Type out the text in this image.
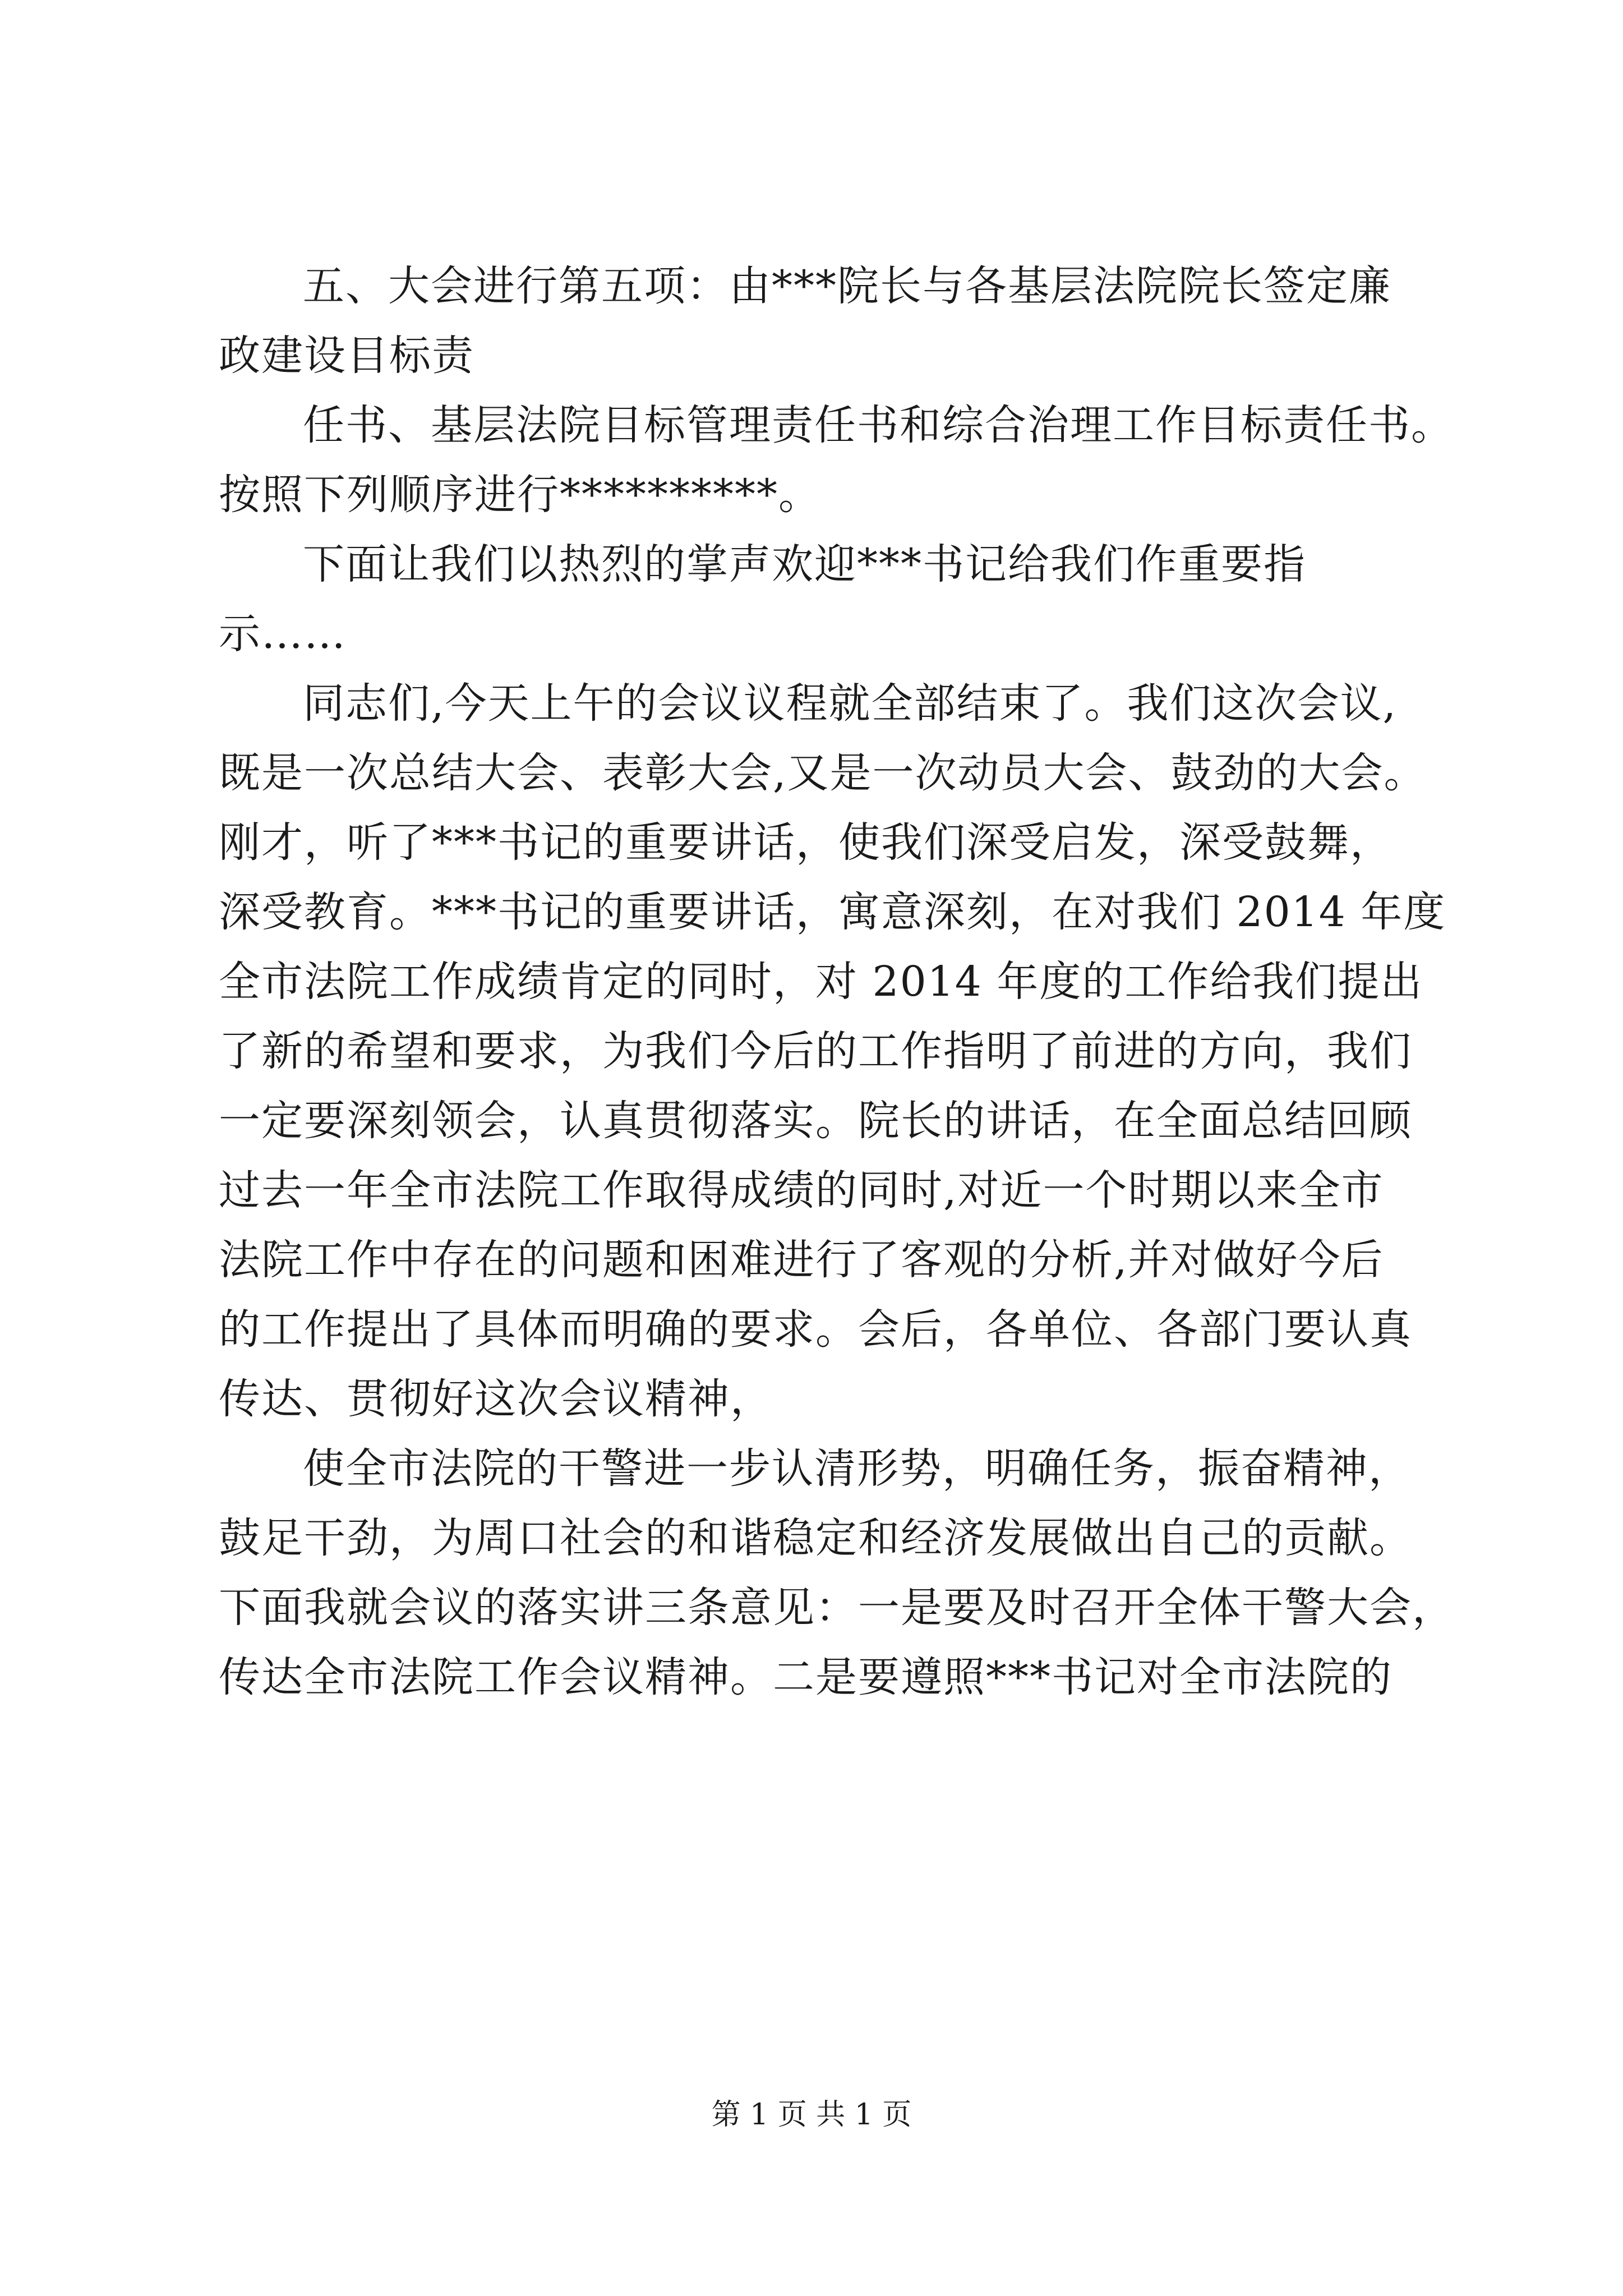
五、大会进行第五项：由***院长与各基层法院院长签定廉
政建设目标责
任书、基层法院目标管理责任书和综合治理工作目标责任书。
按照下列顺序进行**********。
下面让我们以热烈的掌声欢迎***书记给我们作重要指
示……
同志们,今天上午的会议议程就全部结束了。我们这次会议,
既是一次总结大会、表彰大会,又是一次动员大会、鼓劲的大会。
刚才，听了***书记的重要讲话，使我们深受启发，深受鼓舞，
深受教育。***书记的重要讲话，寓意深刻，在对我们 2014 年度
全市法院工作成绩肯定的同时，对 2014 年度的工作给我们提出
了新的希望和要求，为我们今后的工作指明了前进的方向，我们
一定要深刻领会，认真贯彻落实。院长的讲话，在全面总结回顾
过去一年全市法院工作取得成绩的同时,对近一个时期以来全市
法院工作中存在的问题和困难进行了客观的分析,并对做好今后
的工作提出了具体而明确的要求。会后，各单位、各部门要认真
传达、贯彻好这次会议精神，
使全市法院的干警进一步认清形势，明确任务，振奋精神，
鼓足干劲，为周口社会的和谐稳定和经济发展做出自己的贡献。
下面我就会议的落实讲三条意见：一是要及时召开全体干警大会，
传达全市法院工作会议精神。二是要遵照***书记对全市法院的
第 1 页 共 1 页
